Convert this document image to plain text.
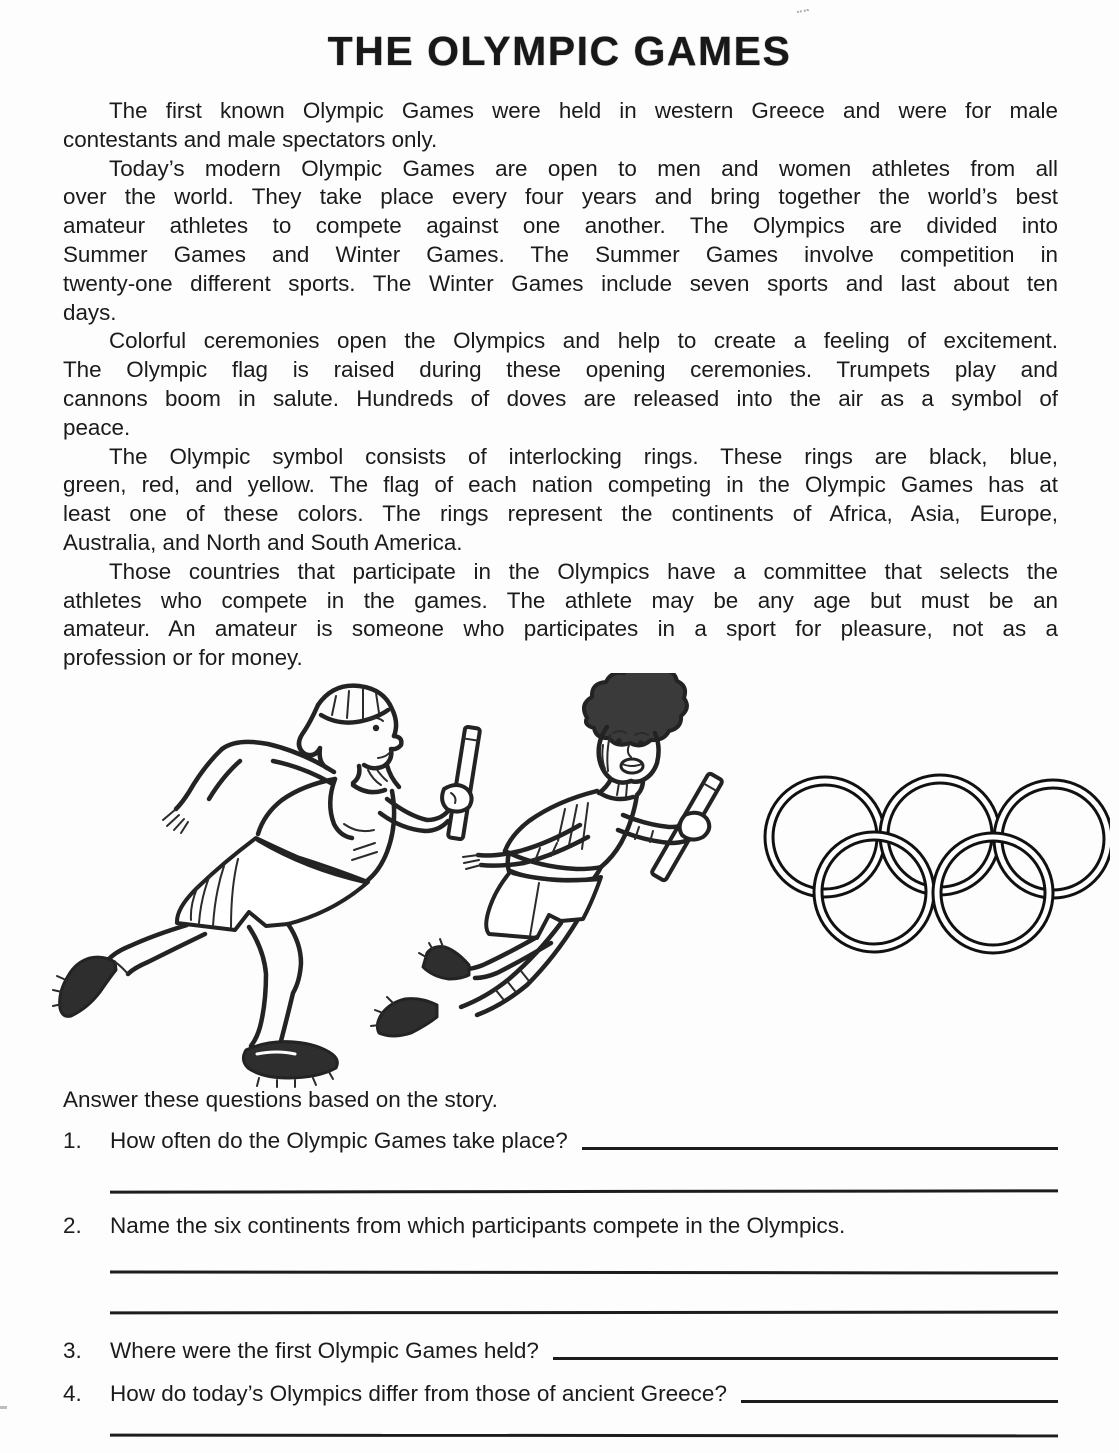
THE OLYMPIC GAMES
The first known Olympic Games were held in western Greece and were for male
contestants and male spectators only.
Today’s modern Olympic Games are open to men and women athletes from all
over the world. They take place every four years and bring together the world’s best
amateur athletes to compete against one another. The Olympics are divided into
Summer Games and Winter Games. The Summer Games involve competition in
twenty-one different sports. The Winter Games include seven sports and last about ten
days.
Colorful ceremonies open the Olympics and help to create a feeling of excitement.
The Olympic flag is raised during these opening ceremonies. Trumpets play and
cannons boom in salute. Hundreds of doves are released into the air as a symbol of
peace.
The Olympic symbol consists of interlocking rings. These rings are black, blue,
green, red, and yellow. The flag of each nation competing in the Olympic Games has at
least one of these colors. The rings represent the continents of Africa, Asia, Europe,
Australia, and North and South America.
Those countries that participate in the Olympics have a committee that selects the
athletes who compete in the games. The athlete may be any age but must be an
amateur. An amateur is someone who participates in a sport for pleasure, not as a
profession or for money.
Answer these questions based on the story.
1.	How often do the Olympic Games take place?
2.	Name the six continents from which participants compete in the Olympics.
3.	Where were the first Olympic Games held?
4.	How do today’s Olympics differ from those of ancient Greece?
